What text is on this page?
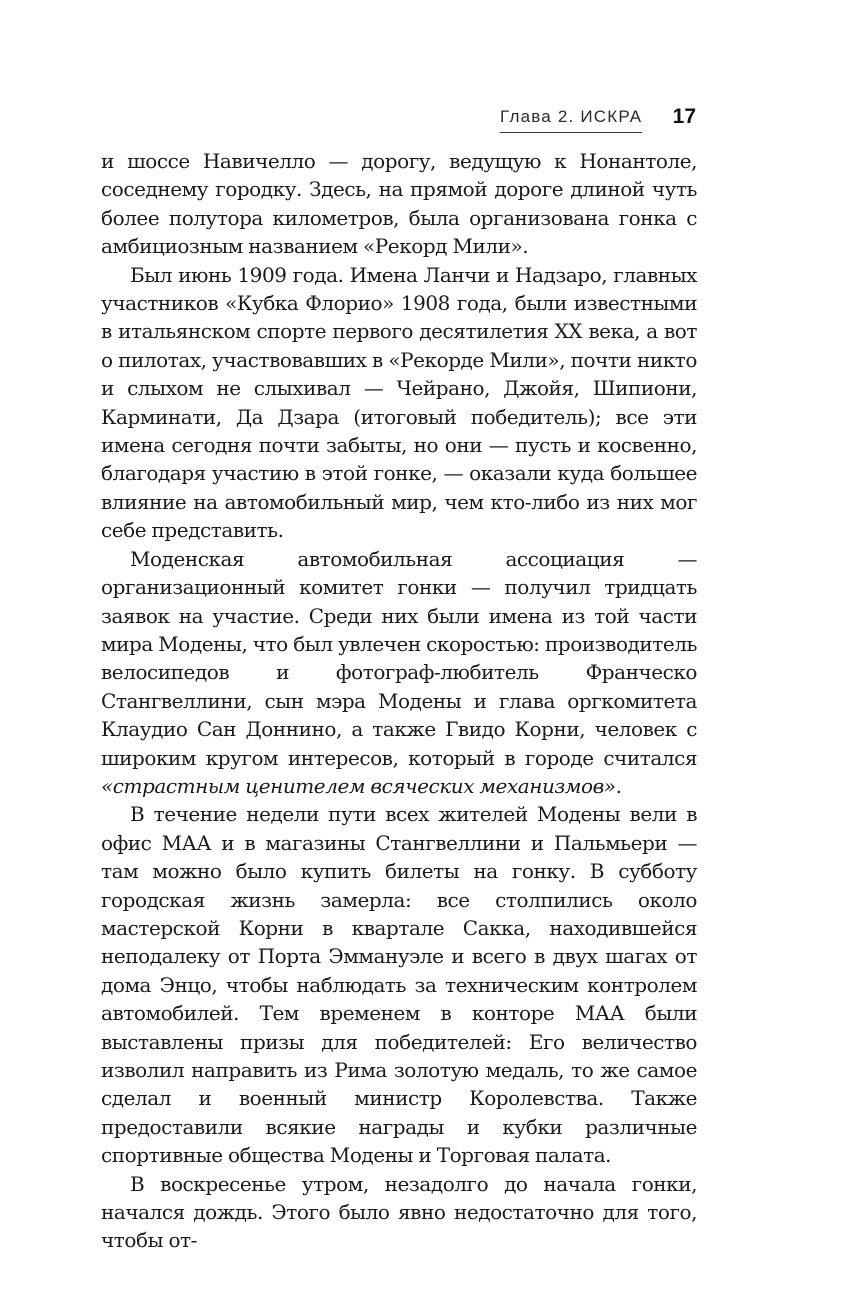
Глава 2. ИСКРА 17

и шоссе Навичелло — дорогу, ведущую к Нонантоле, соседнему городку. Здесь, на прямой дороге длиной чуть более полутора километров, была организована гонка с амбициозным названием «Рекорд Мили».

Был июнь 1909 года. Имена Ланчи и Надзаро, главных участников «Кубка Флорио» 1908 года, были известными в итальянском спорте первого десятилетия XX века, а вот о пилотах, участвовавших в «Рекорде Мили», почти никто и слыхом не слыхивал — Чейрано, Джойя, Шипиони, Карминати, Да Дзара (итоговый победитель); все эти имена сегодня почти забыты, но они — пусть и косвенно, благодаря участию в этой гонке, — оказали куда большее влияние на автомобильный мир, чем кто-либо из них мог себе представить.

Моденская автомобильная ассоциация — организационный комитет гонки — получил тридцать заявок на участие. Среди них были имена из той части мира Модены, что был увлечен скоростью: производитель велосипедов и фотограф-любитель Франческо Стангвеллини, сын мэра Модены и глава оргкомитета Клаудио Сан Доннино, а также Гвидо Корни, человек с широким кругом интересов, который в городе считался «страстным ценителем всяческих механизмов».

В течение недели пути всех жителей Модены вели в офис МАА и в магазины Стангвеллини и Пальмьери — там можно было купить билеты на гонку. В субботу городская жизнь замерла: все столпились около мастерской Корни в квартале Сакка, находившейся неподалеку от Порта Эммануэле и всего в двух шагах от дома Энцо, чтобы наблюдать за техническим контролем автомобилей. Тем временем в конторе МАА были выставлены призы для победителей: Его величество изволил направить из Рима золотую медаль, то же самое сделал и военный министр Королевства. Также предоставили всякие награды и кубки различные спортивные общества Модены и Торговая палата.

В воскресенье утром, незадолго до начала гонки, начался дождь. Этого было явно недостаточно для того, чтобы от-
